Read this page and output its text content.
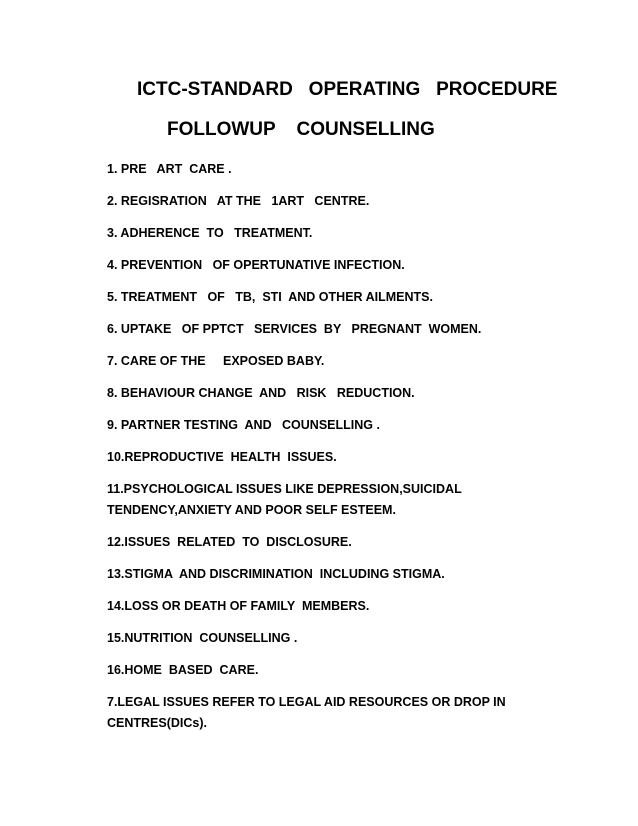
ICTC-STANDARD   OPERATING   PROCEDURE
FOLLOWUP    COUNSELLING
1. PRE   ART  CARE .
2. REGISRATION   AT THE   1ART   CENTRE.
3. ADHERENCE  TO   TREATMENT.
4. PREVENTION   OF OPERTUNATIVE INFECTION.
5. TREATMENT   OF   TB,  STI  AND OTHER AILMENTS.
6. UPTAKE   OF PPTCT   SERVICES  BY   PREGNANT  WOMEN.
7. CARE OF THE     EXPOSED BABY.
8. BEHAVIOUR CHANGE  AND   RISK   REDUCTION.
9. PARTNER TESTING  AND   COUNSELLING .
10.REPRODUCTIVE  HEALTH  ISSUES.
11.PSYCHOLOGICAL ISSUES LIKE DEPRESSION,SUICIDAL
TENDENCY,ANXIETY AND POOR SELF ESTEEM.
12.ISSUES  RELATED  TO  DISCLOSURE.
13.STIGMA  AND DISCRIMINATION  INCLUDING STIGMA.
14.LOSS OR DEATH OF FAMILY  MEMBERS.
15.NUTRITION  COUNSELLING .
16.HOME  BASED  CARE.
7.LEGAL ISSUES REFER TO LEGAL AID RESOURCES OR DROP IN
CENTRES(DICs).
